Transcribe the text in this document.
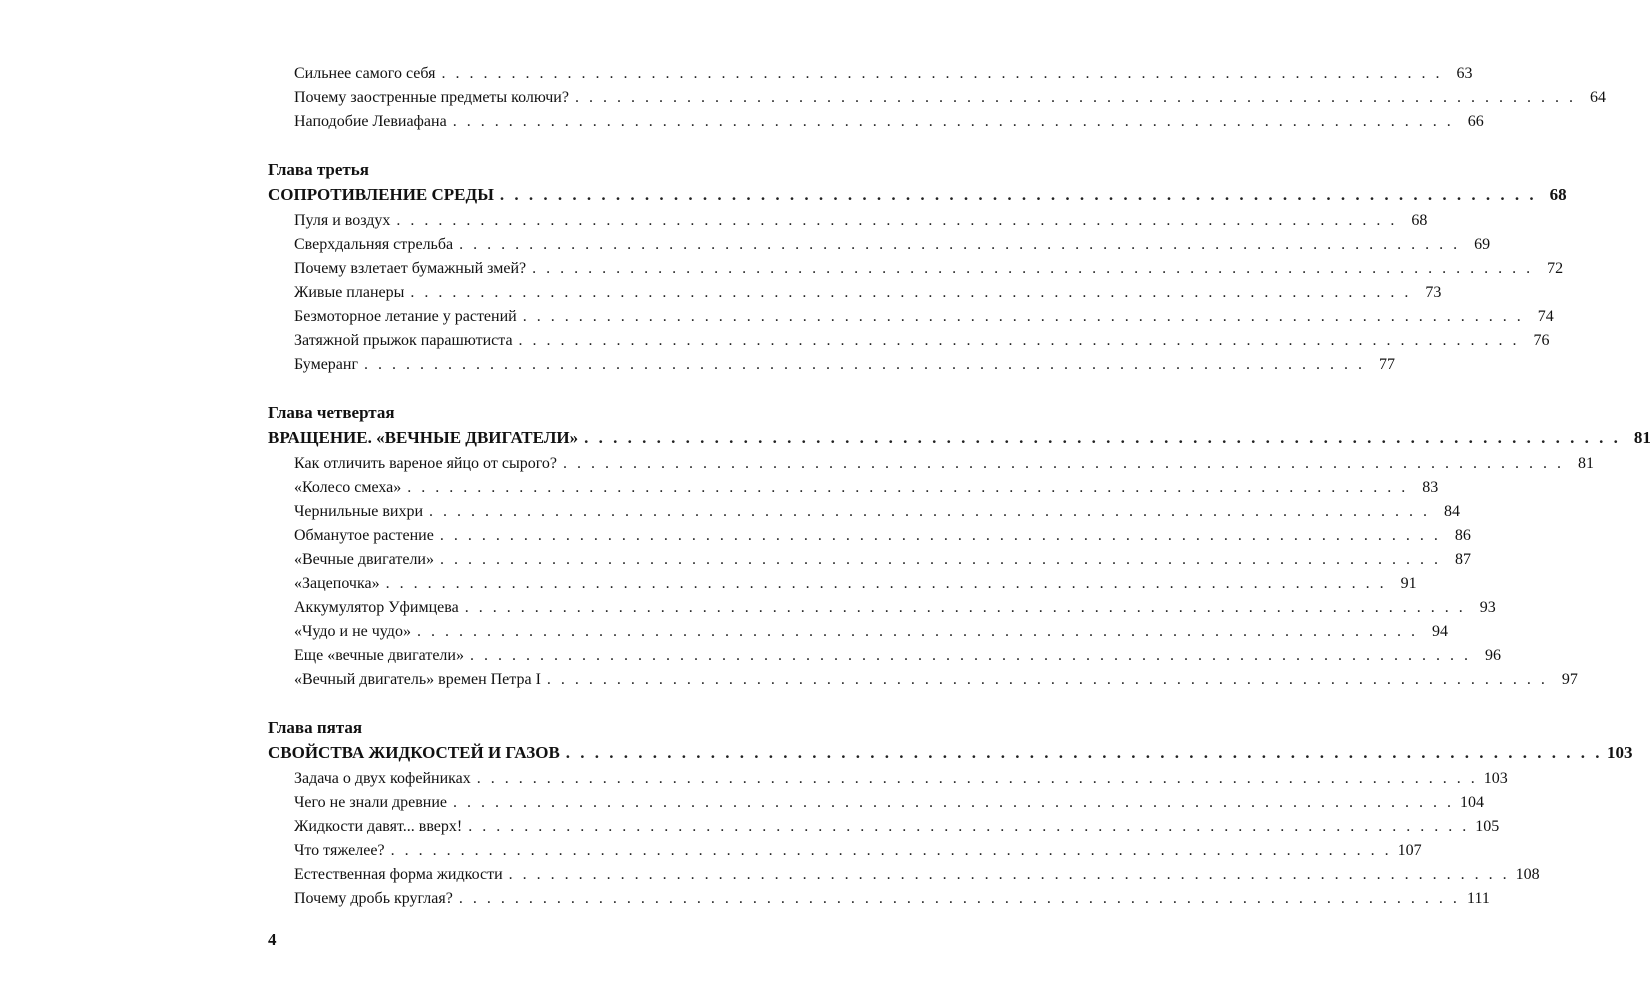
Сильнее самого себя . . . . . . . . . . . . . . . . . . . . . . . . . . . . . . . . . . . . . . . . . . . . . . . . . . . . . . . . . . . . . . . . . . . . . . . . 63
Почему заостренные предметы колючи? . . . . . . . . . . . . . . . . . . . . . . . . . . . . . . . . . . . . . . . . . . . . . . . . . . . . . . . . . . . . . . . . . . . . . . . . 64
Наподобие Левиафана . . . . . . . . . . . . . . . . . . . . . . . . . . . . . . . . . . . . . . . . . . . . . . . . . . . . . . . . . . . . . . . . . . . . . . . . 66
Глава третья
СОПРОТИВЛЕНИЕ СРЕДЫ . . . . . . . . . . . . . . . . . . . . . . . . . . . . . . . . . . . . . . . . . . . . . . . . . . . . . . . . . . . . . . . . . . . . . . . . 68
Пуля и воздух . . . . . . . . . . . . . . . . . . . . . . . . . . . . . . . . . . . . . . . . . . . . . . . . . . . . . . . . . . . . . . . . . . . . . . . . 68
Сверхдальняя стрельба . . . . . . . . . . . . . . . . . . . . . . . . . . . . . . . . . . . . . . . . . . . . . . . . . . . . . . . . . . . . . . . . . . . . . . . . 69
Почему взлетает бумажный змей? . . . . . . . . . . . . . . . . . . . . . . . . . . . . . . . . . . . . . . . . . . . . . . . . . . . . . . . . . . . . . . . . . . . . . . . . 72
Живые планеры . . . . . . . . . . . . . . . . . . . . . . . . . . . . . . . . . . . . . . . . . . . . . . . . . . . . . . . . . . . . . . . . . . . . . . . . 73
Безмоторное летание у растений . . . . . . . . . . . . . . . . . . . . . . . . . . . . . . . . . . . . . . . . . . . . . . . . . . . . . . . . . . . . . . . . . . . . . . . . 74
Затяжной прыжок парашютиста . . . . . . . . . . . . . . . . . . . . . . . . . . . . . . . . . . . . . . . . . . . . . . . . . . . . . . . . . . . . . . . . . . . . . . . . 76
Бумеранг . . . . . . . . . . . . . . . . . . . . . . . . . . . . . . . . . . . . . . . . . . . . . . . . . . . . . . . . . . . . . . . . . . . . . . . . 77
Глава четвертая
ВРАЩЕНИЕ. «ВЕЧНЫЕ ДВИГАТЕЛИ» . . . . . . . . . . . . . . . . . . . . . . . . . . . . . . . . . . . . . . . . . . . . . . . . . . . . . . . . . . . . . . . . . . . . . . . . 81
Как отличить вареное яйцо от сырого? . . . . . . . . . . . . . . . . . . . . . . . . . . . . . . . . . . . . . . . . . . . . . . . . . . . . . . . . . . . . . . . . . . . . . . . . 81
«Колесо смеха» . . . . . . . . . . . . . . . . . . . . . . . . . . . . . . . . . . . . . . . . . . . . . . . . . . . . . . . . . . . . . . . . . . . . . . . . 83
Чернильные вихри . . . . . . . . . . . . . . . . . . . . . . . . . . . . . . . . . . . . . . . . . . . . . . . . . . . . . . . . . . . . . . . . . . . . . . . . 84
Обманутое растение . . . . . . . . . . . . . . . . . . . . . . . . . . . . . . . . . . . . . . . . . . . . . . . . . . . . . . . . . . . . . . . . . . . . . . . . 86
«Вечные двигатели» . . . . . . . . . . . . . . . . . . . . . . . . . . . . . . . . . . . . . . . . . . . . . . . . . . . . . . . . . . . . . . . . . . . . . . . . 87
«Зацепочка» . . . . . . . . . . . . . . . . . . . . . . . . . . . . . . . . . . . . . . . . . . . . . . . . . . . . . . . . . . . . . . . . . . . . . . . . 91
Аккумулятор Уфимцева . . . . . . . . . . . . . . . . . . . . . . . . . . . . . . . . . . . . . . . . . . . . . . . . . . . . . . . . . . . . . . . . . . . . . . . . 93
«Чудо и не чудо» . . . . . . . . . . . . . . . . . . . . . . . . . . . . . . . . . . . . . . . . . . . . . . . . . . . . . . . . . . . . . . . . . . . . . . . . 94
Еще «вечные двигатели» . . . . . . . . . . . . . . . . . . . . . . . . . . . . . . . . . . . . . . . . . . . . . . . . . . . . . . . . . . . . . . . . . . . . . . . . 96
«Вечный двигатель» времен Петра I . . . . . . . . . . . . . . . . . . . . . . . . . . . . . . . . . . . . . . . . . . . . . . . . . . . . . . . . . . . . . . . . . . . . . . . . 97
Глава пятая
СВОЙСТВА ЖИДКОСТЕЙ И ГАЗОВ . . . . . . . . . . . . . . . . . . . . . . . . . . . . . . . . . . . . . . . . . . . . . . . . . . . . . . . . . . . . . . . . . . . . . . . . 103
Задача о двух кофейниках . . . . . . . . . . . . . . . . . . . . . . . . . . . . . . . . . . . . . . . . . . . . . . . . . . . . . . . . . . . . . . . . . . . . . . . . 103
Чего не знали древние . . . . . . . . . . . . . . . . . . . . . . . . . . . . . . . . . . . . . . . . . . . . . . . . . . . . . . . . . . . . . . . . . . . . . . . . 104
Жидкости давят... вверх! . . . . . . . . . . . . . . . . . . . . . . . . . . . . . . . . . . . . . . . . . . . . . . . . . . . . . . . . . . . . . . . . . . . . . . . . 105
Что тяжелее? . . . . . . . . . . . . . . . . . . . . . . . . . . . . . . . . . . . . . . . . . . . . . . . . . . . . . . . . . . . . . . . . . . . . . . . . 107
Естественная форма жидкости . . . . . . . . . . . . . . . . . . . . . . . . . . . . . . . . . . . . . . . . . . . . . . . . . . . . . . . . . . . . . . . . . . . . . . . . 108
Почему дробь круглая? . . . . . . . . . . . . . . . . . . . . . . . . . . . . . . . . . . . . . . . . . . . . . . . . . . . . . . . . . . . . . . . . . . . . . . . . 111
4
